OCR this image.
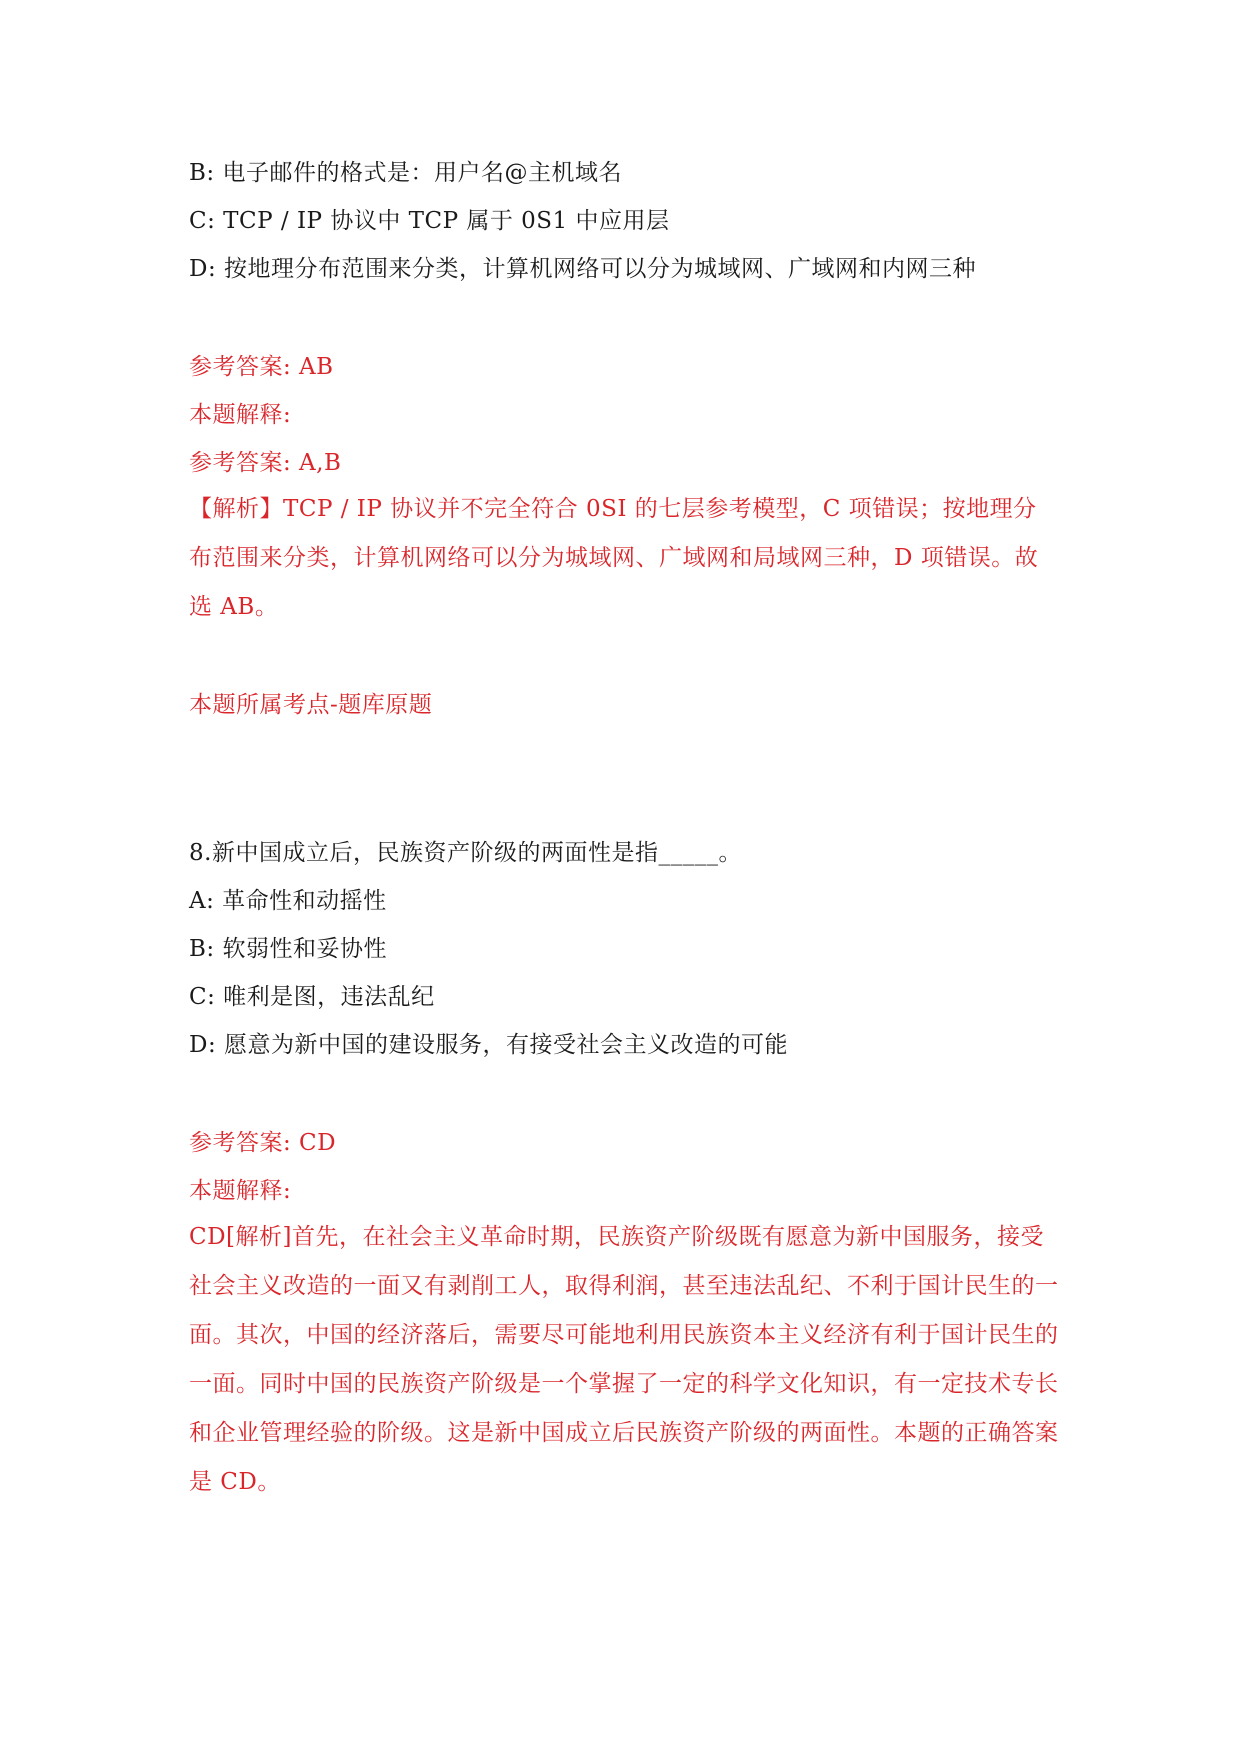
B: 电子邮件的格式是：用户名@主机域名
C: TCP / IP 协议中 TCP 属于 0S1 中应用层
D: 按地理分布范围来分类，计算机网络可以分为城域网、广域网和内网三种
参考答案: AB
本题解释:
参考答案: A,B
【解析】TCP / IP 协议并不完全符合 0SI 的七层参考模型，C 项错误；按地理分布范围来分类，计算机网络可以分为城域网、广域网和局域网三种，D 项错误。故选 AB。
本题所属考点-题库原题
8.新中国成立后，民族资产阶级的两面性是指_____。
A: 革命性和动摇性
B: 软弱性和妥协性
C: 唯利是图，违法乱纪
D: 愿意为新中国的建设服务，有接受社会主义改造的可能
参考答案: CD
本题解释:
CD[解析]首先，在社会主义革命时期，民族资产阶级既有愿意为新中国服务，接受社会主义改造的一面又有剥削工人，取得利润，甚至违法乱纪、不利于国计民生的一面。其次，中国的经济落后，需要尽可能地利用民族资本主义经济有利于国计民生的一面。同时中国的民族资产阶级是一个掌握了一定的科学文化知识，有一定技术专长和企业管理经验的阶级。这是新中国成立后民族资产阶级的两面性。本题的正确答案是 CD。
